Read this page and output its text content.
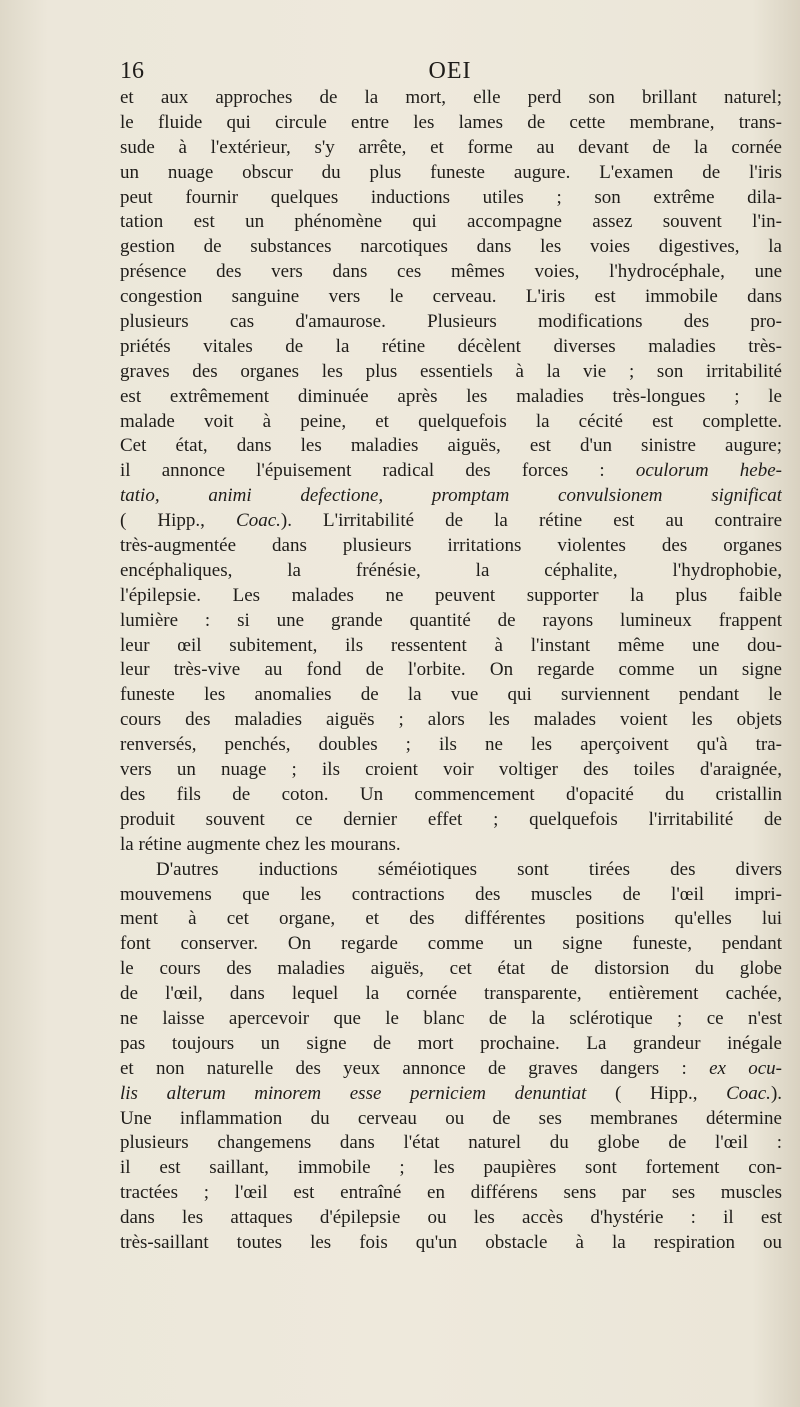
16	OEI
et aux approches de la mort, elle perd son brillant naturel;
le fluide qui circule entre les lames de cette membrane, trans-
sude à l'extérieur, s'y arrête, et forme au devant de la cornée
un nuage obscur du plus funeste augure. L'examen de l'iris
peut fournir quelques inductions utiles ; son extrême dila-
tation est un phénomène qui accompagne assez souvent l'in-
gestion de substances narcotiques dans les voies digestives, la
présence des vers dans ces mêmes voies, l'hydrocéphale, une
congestion sanguine vers le cerveau. L'iris est immobile dans
plusieurs cas d'amaurose. Plusieurs modifications des pro-
priétés vitales de la rétine décèlent diverses maladies très-
graves des organes les plus essentiels à la vie ; son irritabilité
est extrêmement diminuée après les maladies très-longues ; le
malade voit à peine, et quelquefois la cécité est complette.
Cet état, dans les maladies aiguës, est d'un sinistre augure;
il annonce l'épuisement radical des forces : oculorum hebe-
tatio, animi defectione, promptam convulsionem significat
( Hipp., Coac.). L'irritabilité de la rétine est au contraire
très-augmentée dans plusieurs irritations violentes des organes
encéphaliques, la frénésie, la céphalite, l'hydrophobie,
l'épilepsie. Les malades ne peuvent supporter la plus faible
lumière : si une grande quantité de rayons lumineux frappent
leur œil subitement, ils ressentent à l'instant même une dou-
leur très-vive au fond de l'orbite. On regarde comme un signe
funeste les anomalies de la vue qui surviennent pendant le
cours des maladies aiguës ; alors les malades voient les objets
renversés, penchés, doubles ; ils ne les aperçoivent qu'à tra-
vers un nuage ; ils croient voir voltiger des toiles d'araignée,
des fils de coton. Un commencement d'opacité du cristallin
produit souvent ce dernier effet ; quelquefois l'irritabilité de
la rétine augmente chez les mourans.
D'autres inductions séméiotiques sont tirées des divers
mouvemens que les contractions des muscles de l'œil impri-
ment à cet organe, et des différentes positions qu'elles lui
font conserver. On regarde comme un signe funeste, pendant
le cours des maladies aiguës, cet état de distorsion du globe
de l'œil, dans lequel la cornée transparente, entièrement cachée,
ne laisse apercevoir que le blanc de la sclérotique ; ce n'est
pas toujours un signe de mort prochaine. La grandeur inégale
et non naturelle des yeux annonce de graves dangers : ex ocu-
lis alterum minorem esse perniciem denuntiat ( Hipp., Coac.).
Une inflammation du cerveau ou de ses membranes détermine
plusieurs changemens dans l'état naturel du globe de l'œil :
il est saillant, immobile ; les paupières sont fortement con-
tractées ; l'œil est entraîné en différens sens par ses muscles
dans les attaques d'épilepsie ou les accès d'hystérie : il est
très-saillant toutes les fois qu'un obstacle à la respiration ou
